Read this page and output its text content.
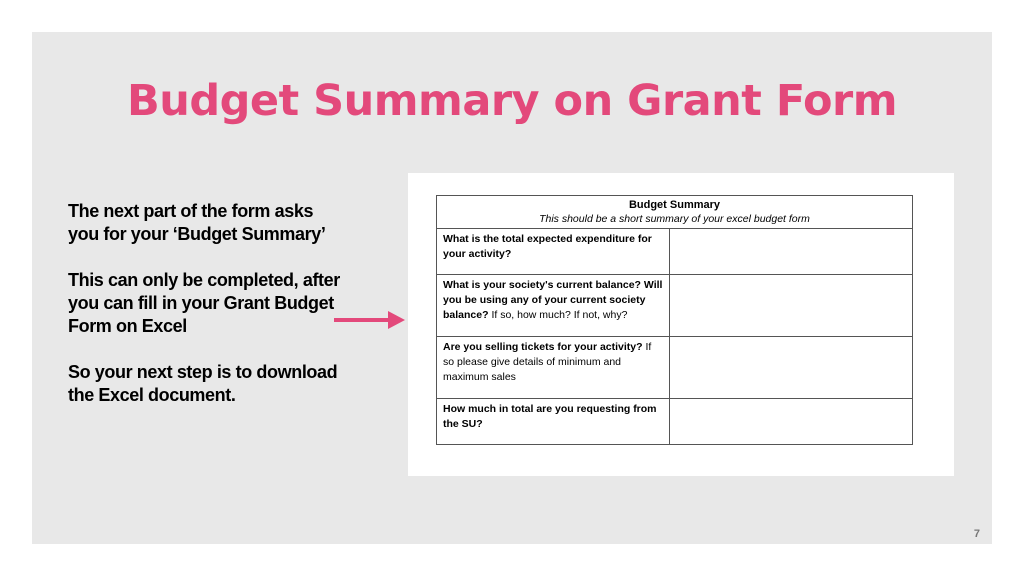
Budget Summary on Grant Form

The next part of the form asks you for your ‘Budget Summary’

This can only be completed, after you can fill in your Grant Budget Form on Excel

So your next step is to download the Excel document.

Budget Summary
This should be a short summary of your excel budget form	

What is the total expected expenditure for your activity?	
What is your society's current balance? Will you be using any of your current society balance? If so, how much? If not, why?	
Are you selling tickets for your activity? If so please give details of minimum and maximum sales	
How much in total are you requesting from the SU?	
7
